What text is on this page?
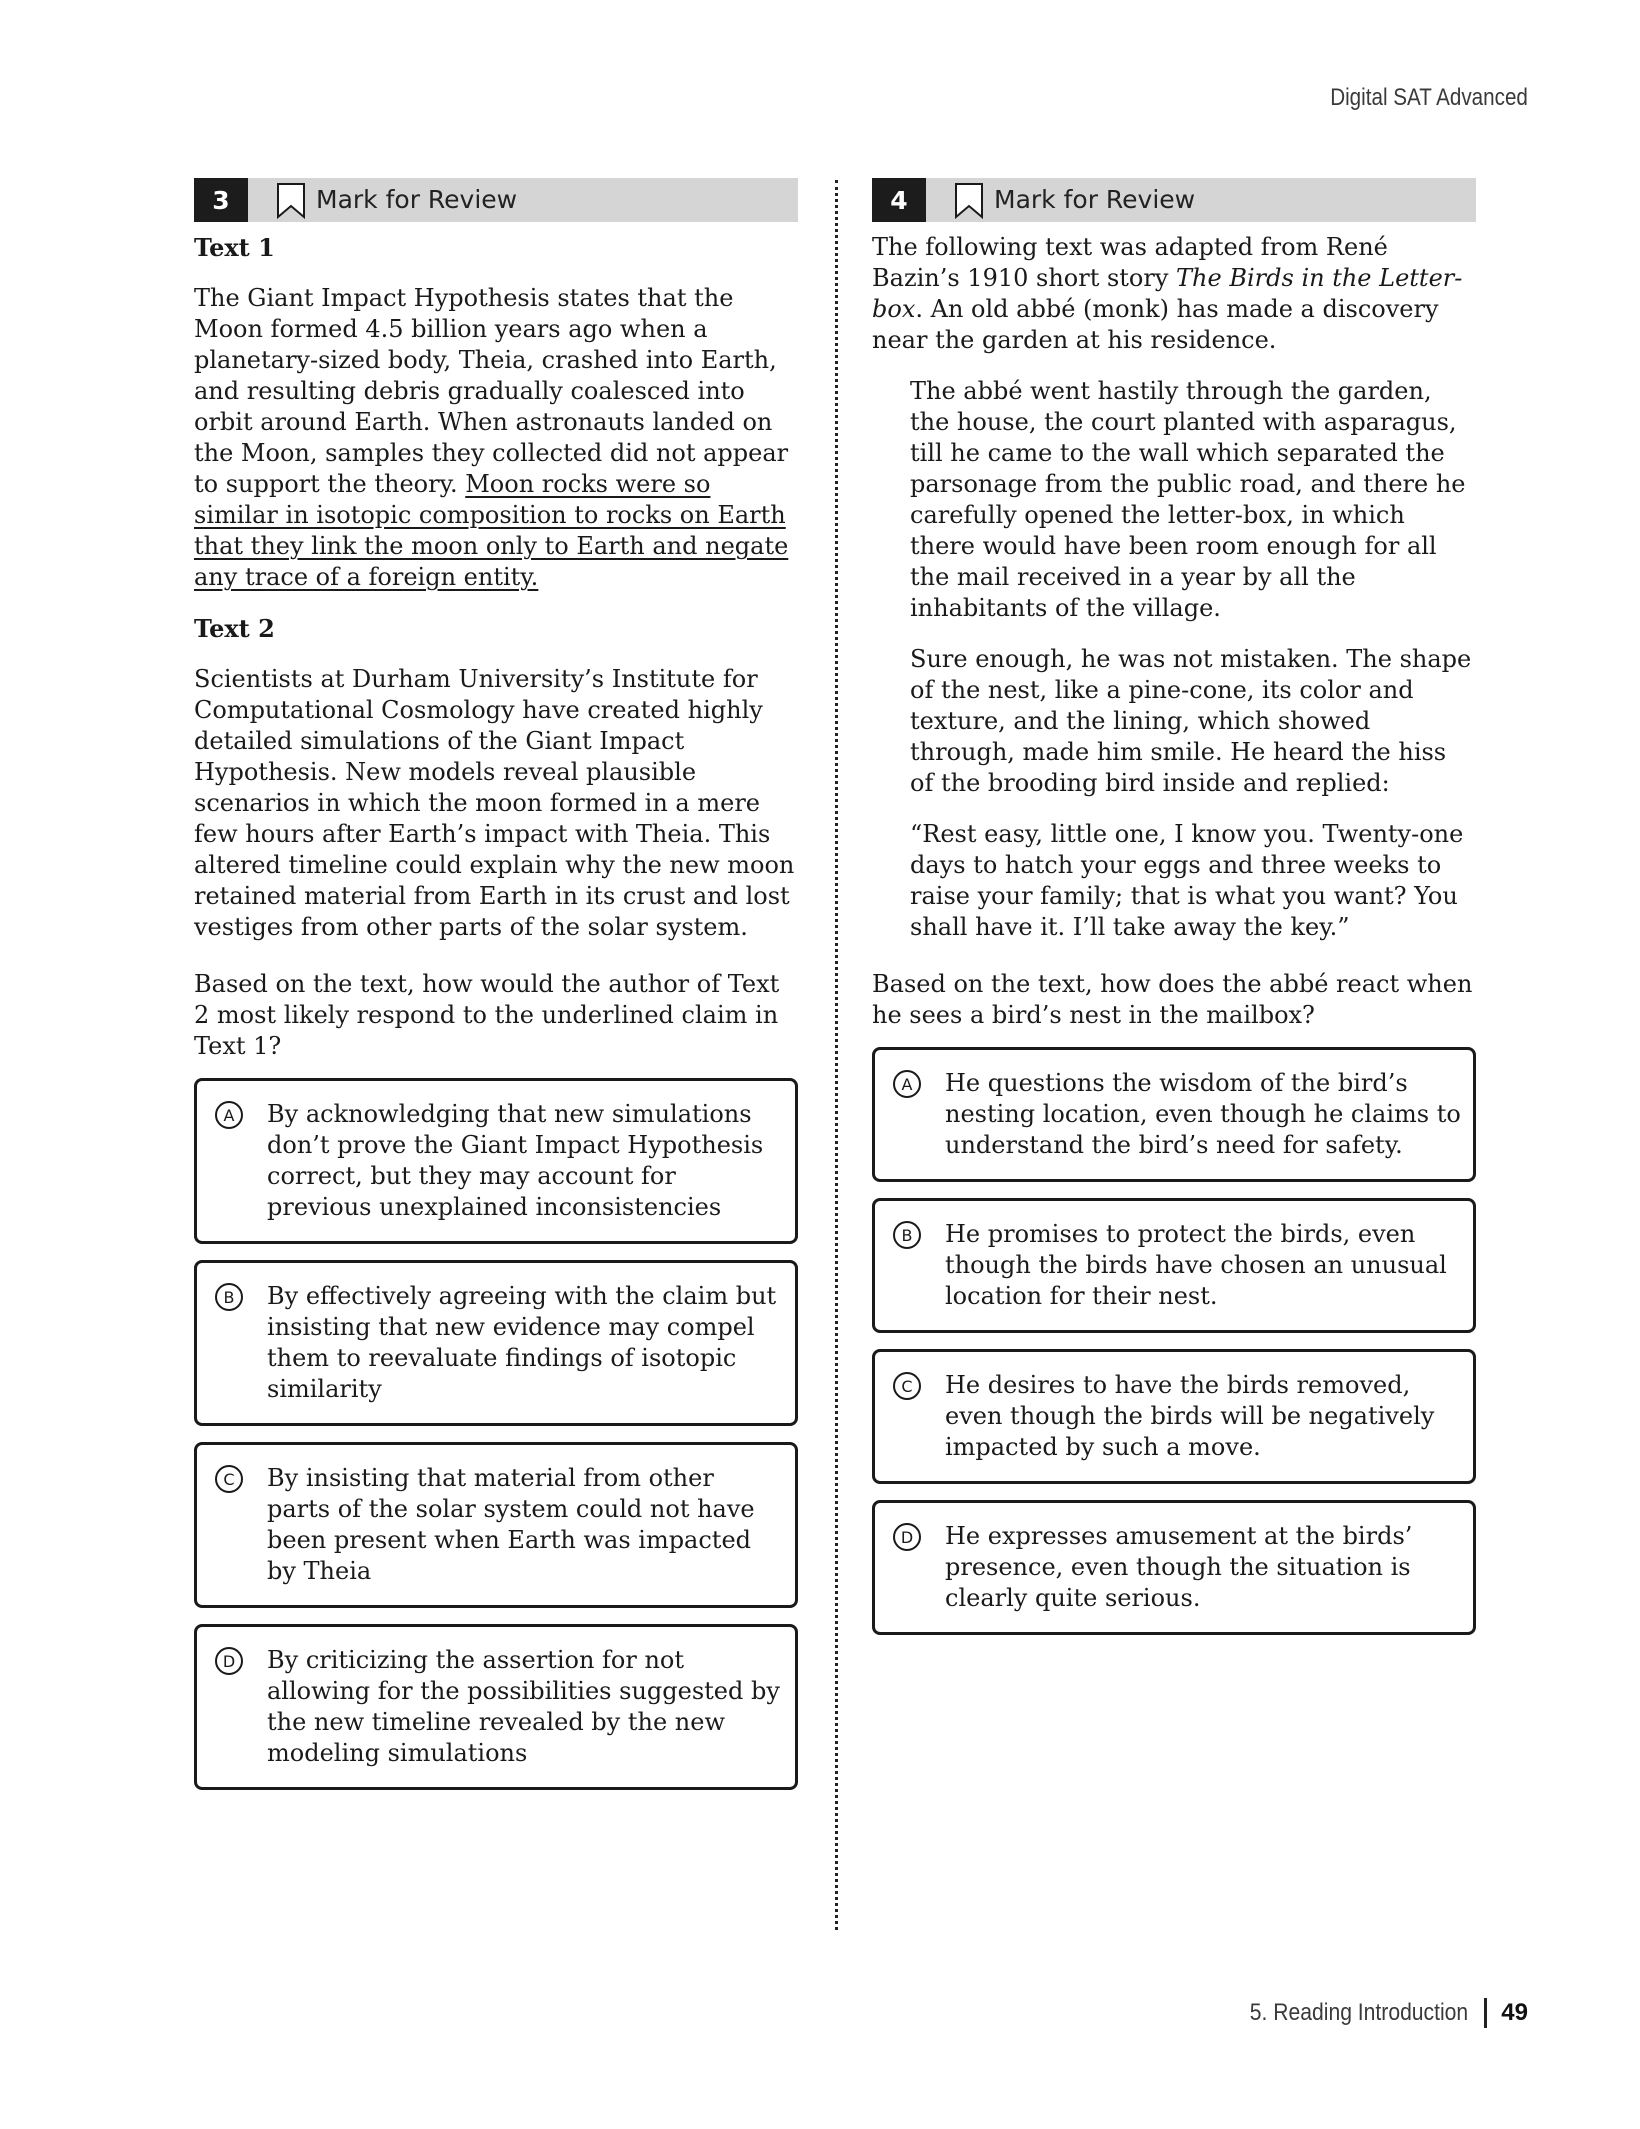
Digital SAT Advanced
3	Mark for Review
Text 1

The Giant Impact Hypothesis states that the Moon formed 4.5 billion years ago when a planetary-sized body, Theia, crashed into Earth, and resulting debris gradually coalesced into orbit around Earth. When astronauts landed on the Moon, samples they collected did not appear to support the theory. Moon rocks were so similar in isotopic composition to rocks on Earth that they link the moon only to Earth and negate any trace of a foreign entity.

Text 2

Scientists at Durham University’s Institute for Computational Cosmology have created highly detailed simulations of the Giant Impact Hypothesis. New models reveal plausible scenarios in which the moon formed in a mere few hours after Earth’s impact with Theia. This altered timeline could explain why the new moon retained material from Earth in its crust and lost vestiges from other parts of the solar system.

Based on the text, how would the author of Text 2 most likely respond to the underlined claim in Text 1?

A	By acknowledging that new simulations don’t prove the Giant Impact Hypothesis correct, but they may account for previous unexplained inconsistencies
B	By effectively agreeing with the claim but insisting that new evidence may compel them to reevaluate findings of isotopic similarity
C	By insisting that material from other parts of the solar system could not have been present when Earth was impacted by Theia
D	By criticizing the assertion for not allowing for the possibilities suggested by the new timeline revealed by the new modeling simulations
4	Mark for Review

The following text was adapted from René Bazin’s 1910 short story The Birds in the Letter-box. An old abbé (monk) has made a discovery near the garden at his residence.

The abbé went hastily through the garden, the house, the court planted with asparagus, till he came to the wall which separated the parsonage from the public road, and there he carefully opened the letter-box, in which there would have been room enough for all the mail received in a year by all the inhabitants of the village.

Sure enough, he was not mistaken. The shape of the nest, like a pine-cone, its color and texture, and the lining, which showed through, made him smile. He heard the hiss of the brooding bird inside and replied:

“Rest easy, little one, I know you. Twenty-one days to hatch your eggs and three weeks to raise your family; that is what you want? You shall have it. I’ll take away the key.”

Based on the text, how does the abbé react when he sees a bird’s nest in the mailbox?

A	He questions the wisdom of the bird’s nesting location, even though he claims to understand the bird’s need for safety.
B	He promises to protect the birds, even though the birds have chosen an unusual location for their nest.
C	He desires to have the birds removed, even though the birds will be negatively impacted by such a move.
D	He expresses amusement at the birds’ presence, even though the situation is clearly quite serious.
5. Reading Introduction 49
